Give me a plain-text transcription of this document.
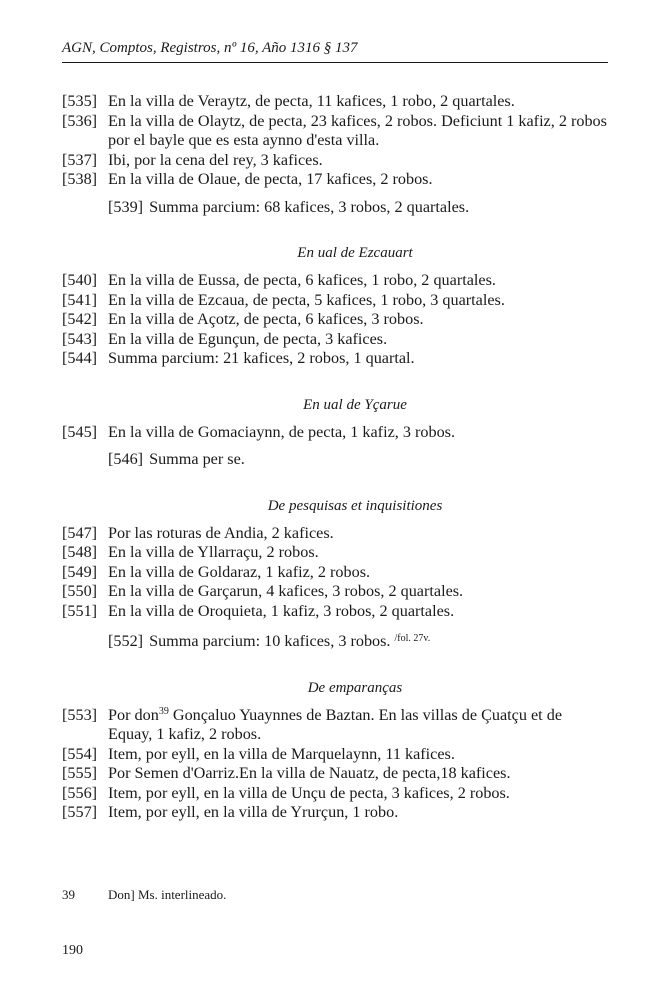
AGN, Comptos, Registros, nº 16, Año 1316 § 137
[535] En la villa de Veraytz, de pecta, 11 kafices, 1 robo, 2 quartales.
[536] En la villa de Olaytz, de pecta, 23 kafices, 2 robos. Deficiunt 1 kafiz, 2 robos por el bayle que es esta aynno d'esta villa.
[537] Ibi, por la cena del rey, 3 kafices.
[538] En la villa de Olaue, de pecta, 17 kafices, 2 robos.
[539] Summa parcium: 68 kafices, 3 robos, 2 quartales.
En ual de Ezcauart
[540] En la villa de Eussa, de pecta, 6 kafices, 1 robo, 2 quartales.
[541] En la villa de Ezcaua, de pecta, 5 kafices, 1 robo, 3 quartales.
[542] En la villa de Açotz, de pecta, 6 kafices, 3 robos.
[543] En la villa de Egunçun, de pecta, 3 kafices.
[544] Summa parcium: 21 kafices, 2 robos, 1 quartal.
En ual de Yçarue
[545] En la villa de Gomaciaynn, de pecta, 1 kafiz, 3 robos.
[546] Summa per se.
De pesquisas et inquisitiones
[547] Por las roturas de Andia, 2 kafices.
[548] En la villa de Yllarraçu, 2 robos.
[549] En la villa de Goldaraz, 1 kafiz, 2 robos.
[550] En la villa de Garçarun, 4 kafices, 3 robos, 2 quartales.
[551] En la villa de Oroquieta, 1 kafiz, 3 robos, 2 quartales.
[552] Summa parcium: 10 kafices, 3 robos. $^{/fol. 27v.}$
De emparanças
[553] Por don$^{39}$ Gonçaluo Yuaynnes de Baztan. En las villas de Çuatçu et de Equay, 1 kafiz, 2 robos.
[554] Item, por eyll, en la villa de Marquelaynn, 11 kafices.
[555] Por Semen d'Oarriz.En la villa de Nauatz, de pecta,18 kafices.
[556] Item, por eyll, en la villa de Unçu de pecta, 3 kafices, 2 robos.
[557] Item, por eyll, en la villa de Yrurçun, 1 robo.
39	Don] Ms. interlineado.
190
